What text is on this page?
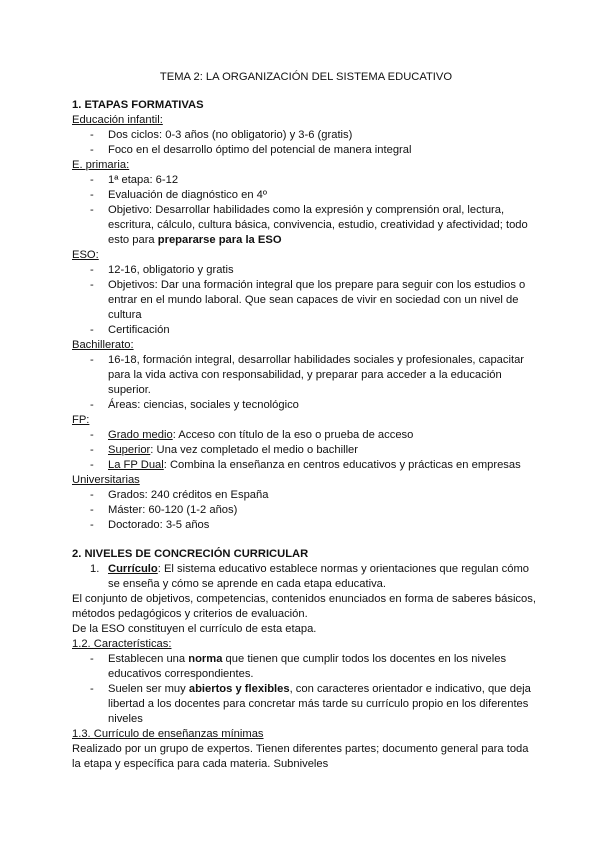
TEMA 2: LA ORGANIZACIÓN DEL SISTEMA EDUCATIVO

1. ETAPAS FORMATIVAS

Educación infantil:

- Dos ciclos: 0-3 años (no obligatorio) y 3-6 (gratis)
- Foco en el desarrollo óptimo del potencial de manera integral

E. primaria:

- 1ª etapa: 6-12
- Evaluación de diagnóstico en 4º
- Objetivo: Desarrollar habilidades como la expresión y comprensión oral, lectura, escritura, cálculo, cultura básica, convivencia, estudio, creatividad y afectividad; todo esto para prepararse para la ESO

ESO:

- 12-16, obligatorio y gratis
- Objetivos: Dar una formación integral que los prepare para seguir con los estudios o entrar en el mundo laboral. Que sean capaces de vivir en sociedad con un nivel de cultura
- Certificación

Bachillerato:

- 16-18, formación integral, desarrollar habilidades sociales y profesionales, capacitar para la vida activa con responsabilidad, y preparar para acceder a la educación superior.
- Áreas: ciencias, sociales y tecnológico

FP:

- Grado medio: Acceso con título de la eso o prueba de acceso
- Superior: Una vez completado el medio o bachiller
- La FP Dual: Combina la enseñanza en centros educativos y prácticas en empresas

Universitarias

- Grados: 240 créditos en España
- Máster: 60-120 (1-2 años)
- Doctorado: 3-5 años

2. NIVELES DE CONCRECIÓN CURRICULAR

1. Currículo: El sistema educativo establece normas y orientaciones que regulan cómo se enseña y cómo se aprende en cada etapa educativa.

El conjunto de objetivos, competencias, contenidos enunciados en forma de saberes básicos, métodos pedagógicos y criterios de evaluación.

De la ESO constituyen el currículo de esta etapa.

1.2. Características:

- Establecen una norma que tienen que cumplir todos los docentes en los niveles educativos correspondientes.
- Suelen ser muy abiertos y flexibles, con caracteres orientador e indicativo, que deja libertad a los docentes para concretar más tarde su currículo propio en los diferentes niveles

1.3. Currículo de enseñanzas mínimas

Realizado por un grupo de expertos. Tienen diferentes partes; documento general para toda la etapa y específica para cada materia. Subniveles
